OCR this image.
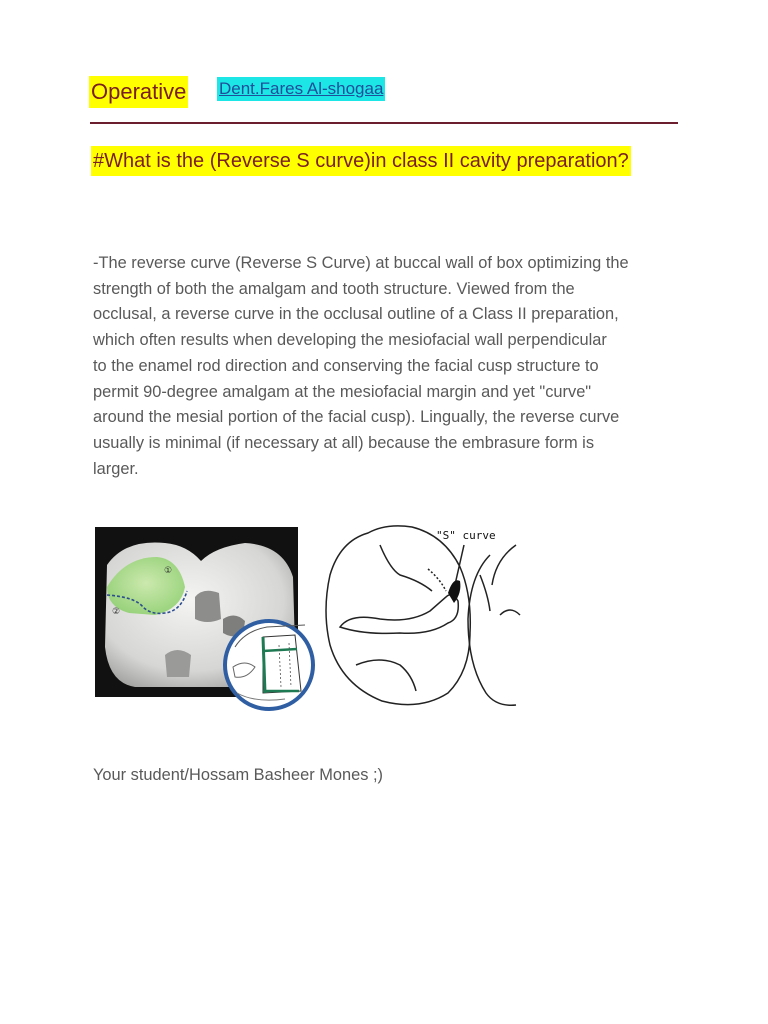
Operative Dent.Fares Al-shogaa
#What is the (Reverse S curve)in class II cavity preparation?

-The reverse curve (Reverse S Curve) at buccal wall of box optimizing the
strength of both the amalgam and tooth structure. Viewed from the
occlusal, a reverse curve in the occlusal outline of a Class II preparation,
which often results when developing the mesiofacial wall perpendicular
to the enamel rod direction and conserving the facial cusp structure to
permit 90-degree amalgam at the mesiofacial margin and yet "curve"
around the mesial portion of the facial cusp). Lingually, the reverse curve
usually is minimal (if necessary at all) because the embrasure form is
larger.

①
②
"S" curve
Your student/Hossam Basheer Mones ;)
